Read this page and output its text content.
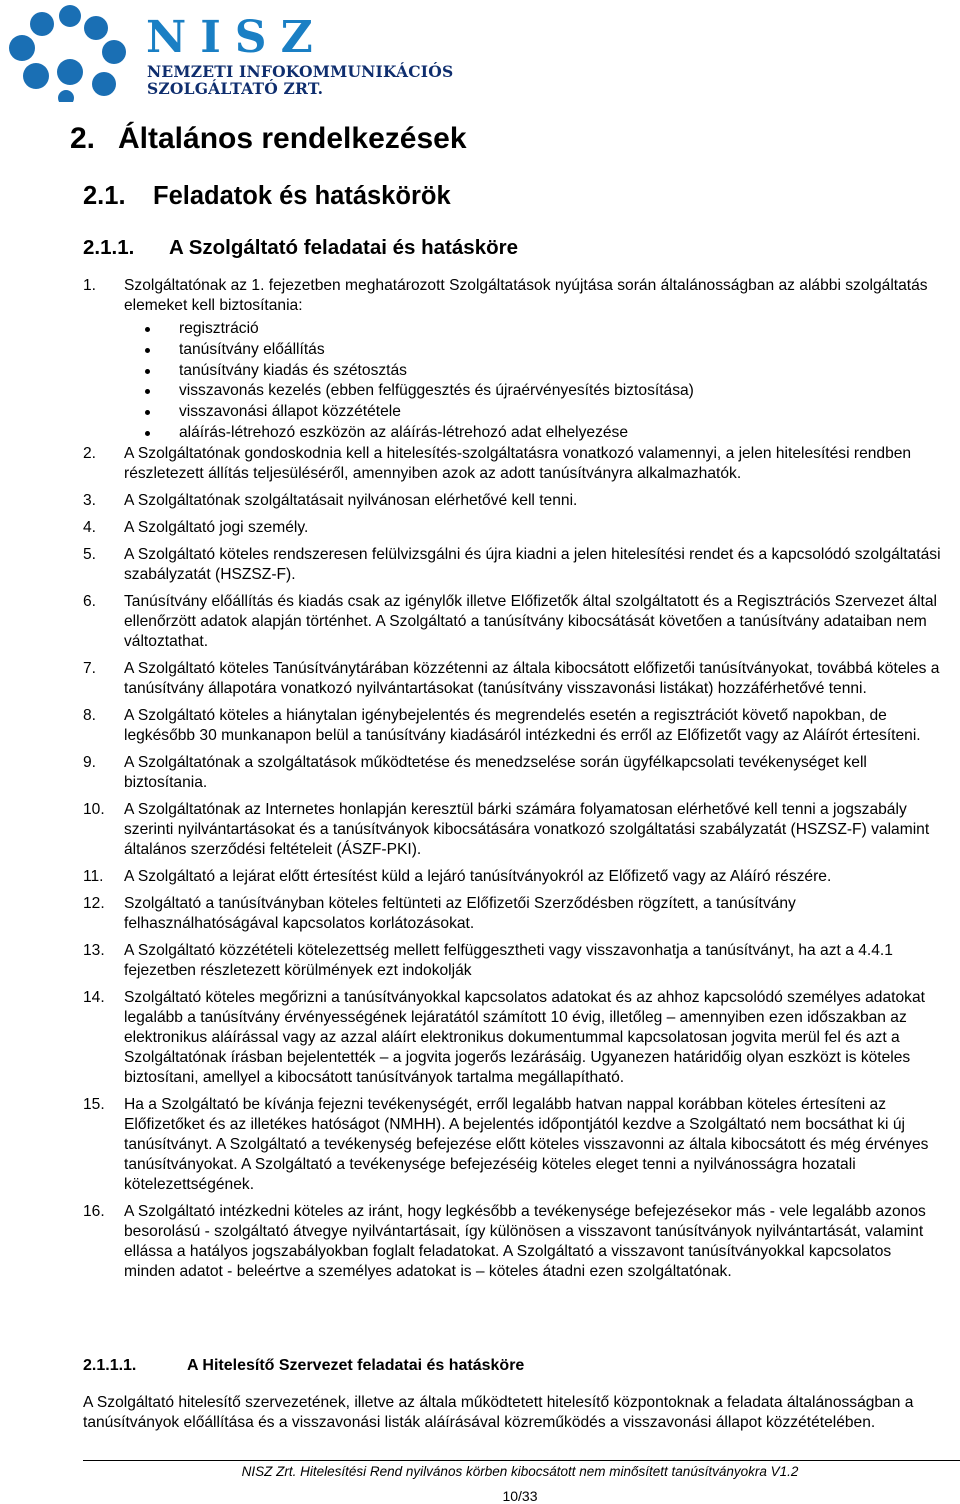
NISZ
NEMZETI INFOKOMMUNIKÁCIÓS
SZOLGÁLTATÓ ZRT.
2. Általános rendelkezések
2.1. Feladatok és hatáskörök
2.1.1. A Szolgáltató feladatai és hatásköre
1.	Szolgáltatónak az 1. fejezetben meghatározott Szolgáltatások nyújtása során általánosságban az alábbi szolgáltatás elemeket kell biztosítania:
regisztráció
tanúsítvány előállítás
tanúsítvány kiadás és szétosztás
visszavonás kezelés (ebben felfüggesztés és újraérvényesítés biztosítása)
visszavonási állapot közzététele
aláírás-létrehozó eszközön az aláírás-létrehozó adat elhelyezése
2.	A Szolgáltatónak gondoskodnia kell a hitelesítés-szolgáltatásra vonatkozó valamennyi, a jelen hitelesítési rendben részletezett állítás teljesüléséről, amennyiben azok az adott tanúsítványra alkalmazhatók.
3.	A Szolgáltatónak szolgáltatásait nyilvánosan elérhetővé kell tenni.
4.	A Szolgáltató jogi személy.
5.	A Szolgáltató köteles rendszeresen felülvizsgálni és újra kiadni a jelen hitelesítési rendet és a kapcsolódó szolgáltatási szabályzatát (HSZSZ-F).
6.	Tanúsítvány előállítás és kiadás csak az igénylők illetve Előfizetők által szolgáltatott és a Regisztrációs Szervezet által ellenőrzött adatok alapján történhet. A Szolgáltató a tanúsítvány kibocsátását követően a tanúsítvány adataiban nem változtathat.
7.	A Szolgáltató köteles Tanúsítványtárában közzétenni az általa kibocsátott előfizetői tanúsítványokat, továbbá köteles a tanúsítvány állapotára vonatkozó nyilvántartásokat (tanúsítvány visszavonási listákat) hozzáférhetővé tenni.
8.	A Szolgáltató köteles a hiánytalan igénybejelentés és megrendelés esetén a regisztrációt követő napokban, de legkésőbb 30 munkanapon belül a tanúsítvány kiadásáról intézkedni és erről az Előfizetőt vagy az Aláírót értesíteni.
9.	A Szolgáltatónak a szolgáltatások működtetése és menedzselése során ügyfélkapcsolati tevékenységet kell biztosítania.
10.	A Szolgáltatónak az Internetes honlapján keresztül bárki számára folyamatosan elérhetővé kell tenni a jogszabály szerinti nyilvántartásokat és a tanúsítványok kibocsátására vonatkozó szolgáltatási szabályzatát (HSZSZ-F) valamint általános szerződési feltételeit (ÁSZF-PKI).
11.	A Szolgáltató a lejárat előtt értesítést küld a lejáró tanúsítványokról az Előfizető vagy az Aláíró részére.
12.	Szolgáltató a tanúsítványban köteles feltünteti az Előfizetői Szerződésben rögzített, a tanúsítvány felhasználhatóságával kapcsolatos korlátozásokat.
13.	A Szolgáltató közzétételi kötelezettség mellett felfüggesztheti vagy visszavonhatja a tanúsítványt, ha azt a 4.4.1 fejezetben részletezett körülmények ezt indokolják
14.	Szolgáltató köteles megőrizni a tanúsítványokkal kapcsolatos adatokat és az ahhoz kapcsolódó személyes adatokat legalább a tanúsítvány érvényességének lejáratától számított 10 évig, illetőleg – amennyiben ezen időszakban az elektronikus aláírással vagy az azzal aláírt elektronikus dokumentummal kapcsolatosan jogvita merül fel és azt a Szolgáltatónak írásban bejelentették – a jogvita jogerős lezárásáig. Ugyanezen határidőig olyan eszközt is köteles biztosítani, amellyel a kibocsátott tanúsítványok tartalma megállapítható.
15.	Ha a Szolgáltató be kívánja fejezni tevékenységét, erről legalább hatvan nappal korábban köteles értesíteni az Előfizetőket és az illetékes hatóságot (NMHH). A bejelentés időpontjától kezdve a Szolgáltató nem bocsáthat ki új tanúsítványt. A Szolgáltató a tevékenység befejezése előtt köteles visszavonni az általa kibocsátott és még érvényes tanúsítványokat. A Szolgáltató a tevékenysége befejezéséig köteles eleget tenni a nyilvánosságra hozatali kötelezettségének.
16.	A Szolgáltató intézkedni köteles az iránt, hogy legkésőbb a tevékenysége befejezésekor más - vele legalább azonos besorolású - szolgáltató átvegye nyilvántartásait, így különösen a visszavont tanúsítványok nyilvántartását, valamint ellássa a hatályos jogszabályokban foglalt feladatokat. A Szolgáltató a visszavont tanúsítványokkal kapcsolatos minden adatot - beleértve a személyes adatokat is – köteles átadni ezen szolgáltatónak.
2.1.1.1.	A Hitelesítő Szervezet feladatai és hatásköre

A Szolgáltató hitelesítő szervezetének, illetve az általa működtetett hitelesítő központoknak a feladata általánosságban a tanúsítványok előállítása és a visszavonási listák aláírásával közreműködés a visszavonási állapot közzétételében.

NISZ Zrt. Hitelesítési Rend nyilvános körben kibocsátott nem minősített tanúsítványokra V1.2
10/33
